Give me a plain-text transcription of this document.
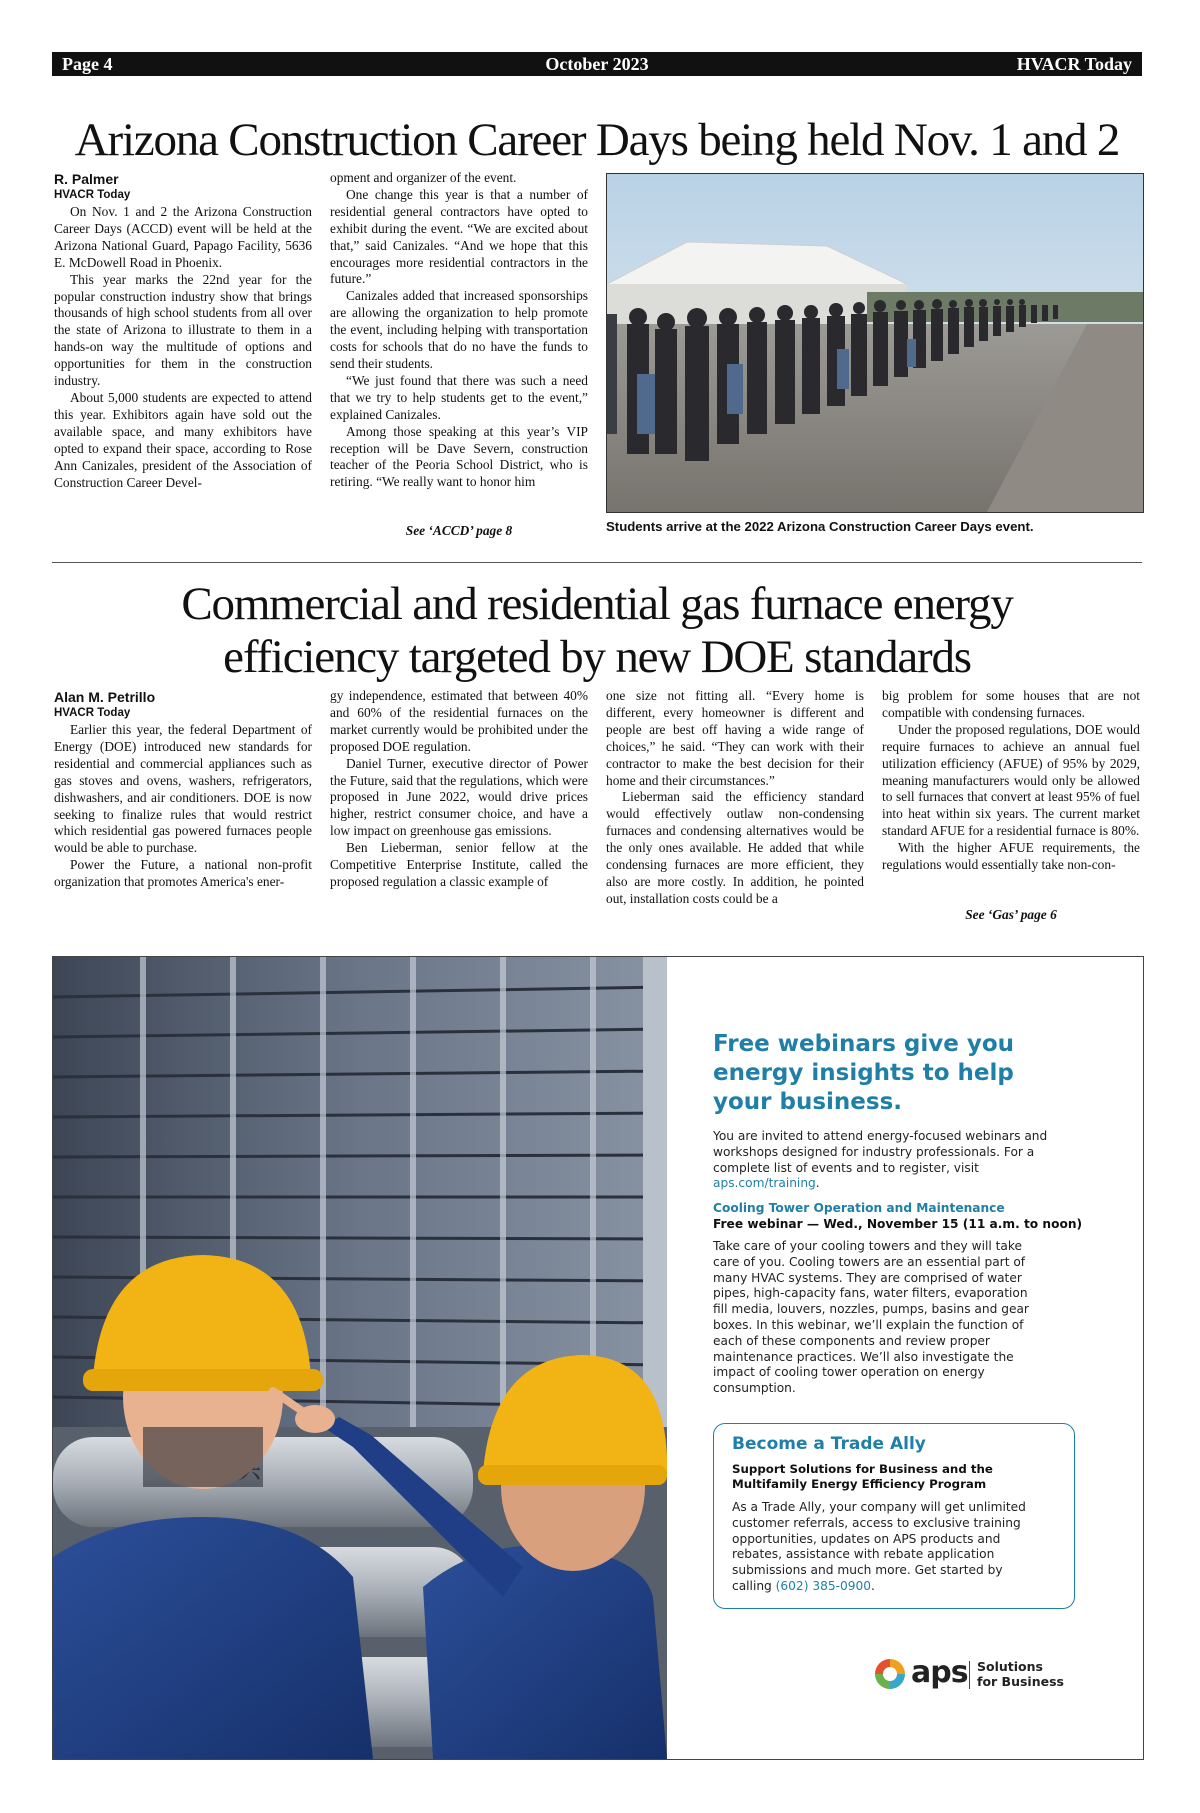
Page 4	October 2023	HVACR Today
Arizona Construction Career Days being held Nov. 1 and 2
R. Palmer
HVACR Today

On Nov. 1 and 2 the Arizona Construction Career Days (ACCD) event will be held at the Arizona National Guard, Papago Facility, 5636 E. McDowell Road in Phoenix.

This year marks the 22nd year for the popular construction industry show that brings thousands of high school students from all over the state of Arizona to illustrate to them in a hands-on way the multitude of options and opportunities for them in the construction industry.

About 5,000 students are expected to attend this year. Exhibitors again have sold out the available space, and many exhibitors have opted to expand their space, according to Rose Ann Canizales, president of the Association of Construction Career Devel-

opment and organizer of the event.

One change this year is that a number of residential general contractors have opted to exhibit during the event. “We are excited about that,” said Canizales. “And we hope that this encourages more residential contractors in the future.”

Canizales added that increased sponsorships are allowing the organization to help promote the event, including helping with transportation costs for schools that do no have the funds to send their students.

“We just found that there was such a need that we try to help students get to the event,” explained Canizales.

Among those speaking at this year’s VIP reception will be Dave Severn, construction teacher of the Peoria School District, who is retiring. “We really want to honor him

See ‘ACCD’ page 8	Students arrive at the 2022 Arizona Construction Career Days event.
Commercial and residential gas furnace energy
efficiency targeted by new DOE standards
Alan M. Petrillo
HVACR Today

Earlier this year, the federal Department of Energy (DOE) introduced new standards for residential and commercial appliances such as gas stoves and ovens, washers, refrigerators, dishwashers, and air conditioners. DOE is now seeking to finalize rules that would restrict which residential gas powered furnaces people would be able to purchase.

Power the Future, a national non-profit organization that promotes America's ener-

gy independence, estimated that between 40% and 60% of the residential furnaces on the market currently would be prohibited under the proposed DOE regulation.

Daniel Turner, executive director of Power the Future, said that the regulations, which were proposed in June 2022, would drive prices higher, restrict consumer choice, and have a low impact on greenhouse gas emissions.

Ben Lieberman, senior fellow at the Competitive Enterprise Institute, called the proposed regulation a classic example of

one size not fitting all. “Every home is different, every homeowner is different and people are best off having a wide range of choices,” he said. “They can work with their contractor to make the best decision for their home and their circumstances.”

Lieberman said the efficiency standard would effectively outlaw non-condensing furnaces and condensing alternatives would be the only ones available. He added that while condensing furnaces are more efficient, they also are more costly. In addition, he pointed out, installation costs could be a

big problem for some houses that are not compatible with condensing furnaces.

Under the proposed regulations, DOE would require furnaces to achieve an annual fuel utilization efficiency (AFUE) of 95% by 2029, meaning manufacturers would only be allowed to sell furnaces that convert at least 95% of fuel into heat within six years. The current market standard AFUE for a residential furnace is 80%.

With the higher AFUE requirements, the regulations would essentially take non-con-

See ‘Gas’ page 6
Free webinars give you
energy insights to help
your business.
You are invited to attend energy-focused webinars and workshops designed for industry professionals. For a complete list of events and to register, visit aps.com/training.
Cooling Tower Operation and Maintenance
Free webinar — Wed., November 15 (11 a.m. to noon)
Take care of your cooling towers and they will take care of you. Cooling towers are an essential part of many HVAC systems. They are comprised of water pipes, high-capacity fans, water filters, evaporation fill media, louvers, nozzles, pumps, basins and gear boxes. In this webinar, we’ll explain the function of each of these components and review proper maintenance practices. We’ll also investigate the impact of cooling tower operation on energy consumption.
Become a Trade Ally
Support Solutions for Business and the Multifamily Energy Efficiency Program
As a Trade Ally, your company will get unlimited customer referrals, access to exclusive training opportunities, updates on APS products and rebates, assistance with rebate application submissions and much more. Get started by calling (602) 385-0900.
aps Solutions
for Business
